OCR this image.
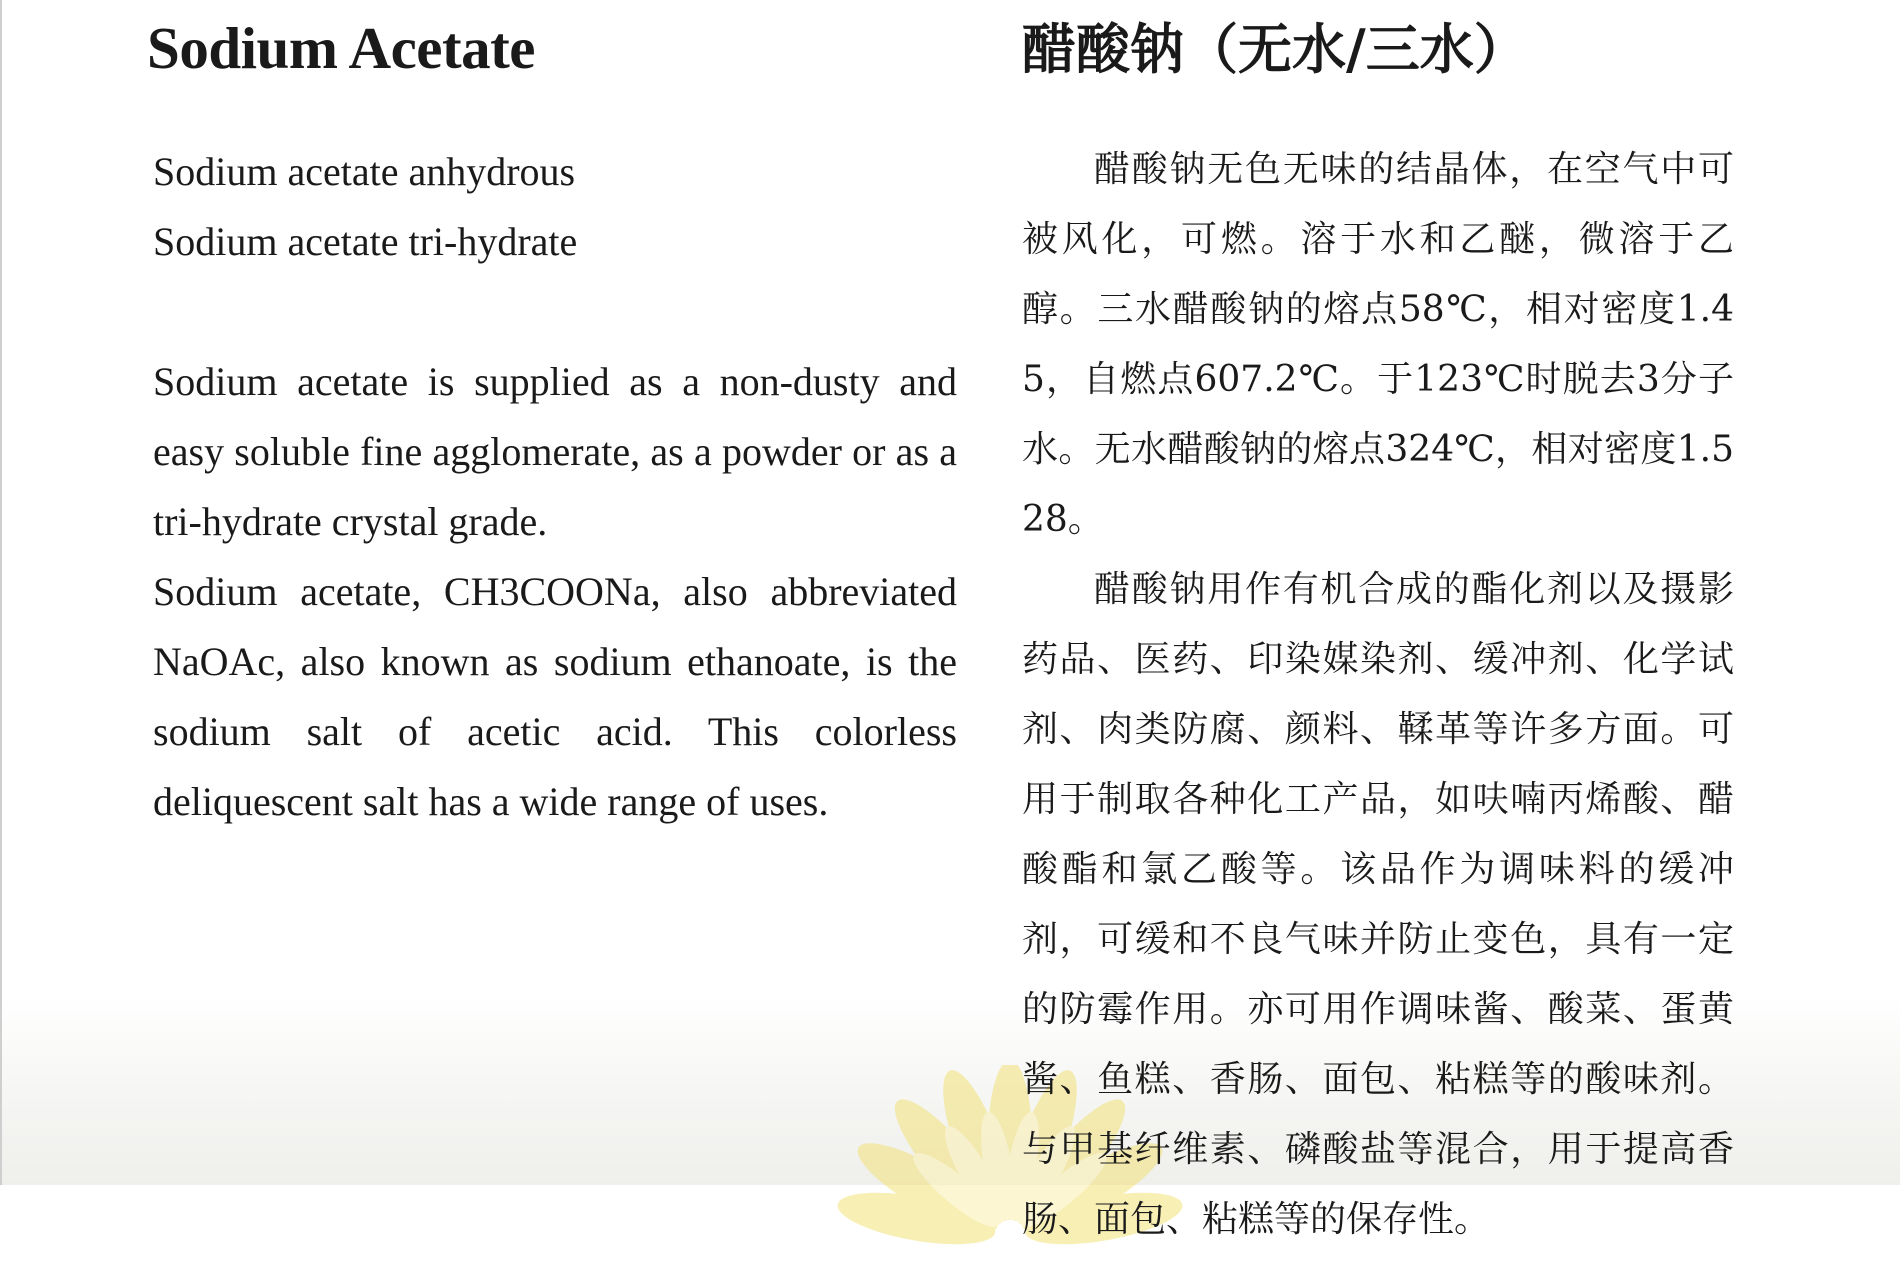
Sodium Acetate
Sodium acetate anhydrous
Sodium acetate tri-hydrate

Sodium acetate is supplied as a non-dusty and easy soluble fine agglomerate, as a powder or as a tri-hydrate crystal grade.

Sodium acetate, CH3COONa, also abbreviated NaOAc, also known as sodium ethanoate, is the sodium salt of acetic acid. This colorless deliquescent salt has a wide range of uses.

醋酸钠（无水/三水）

醋酸钠无色无味的结晶体，在空气中可被风化，可燃。溶于水和乙醚，微溶于乙醇。三水醋酸钠的熔点58℃，相对密度1.45，自燃点607.2℃。于123℃时脱去3分子水。无水醋酸钠的熔点324℃，相对密度1.528。

醋酸钠用作有机合成的酯化剂以及摄影药品、医药、印染媒染剂、缓冲剂、化学试剂、肉类防腐、颜料、鞣革等许多方面。可用于制取各种化工产品，如呋喃丙烯酸、醋酸酯和氯乙酸等。该品作为调味料的缓冲剂，可缓和不良气味并防止变色，具有一定的防霉作用。亦可用作调味酱、酸菜、蛋黄酱、鱼糕、香肠、面包、粘糕等的酸味剂。与甲基纤维素、磷酸盐等混合，用于提高香肠、面包、粘糕等的保存性。
